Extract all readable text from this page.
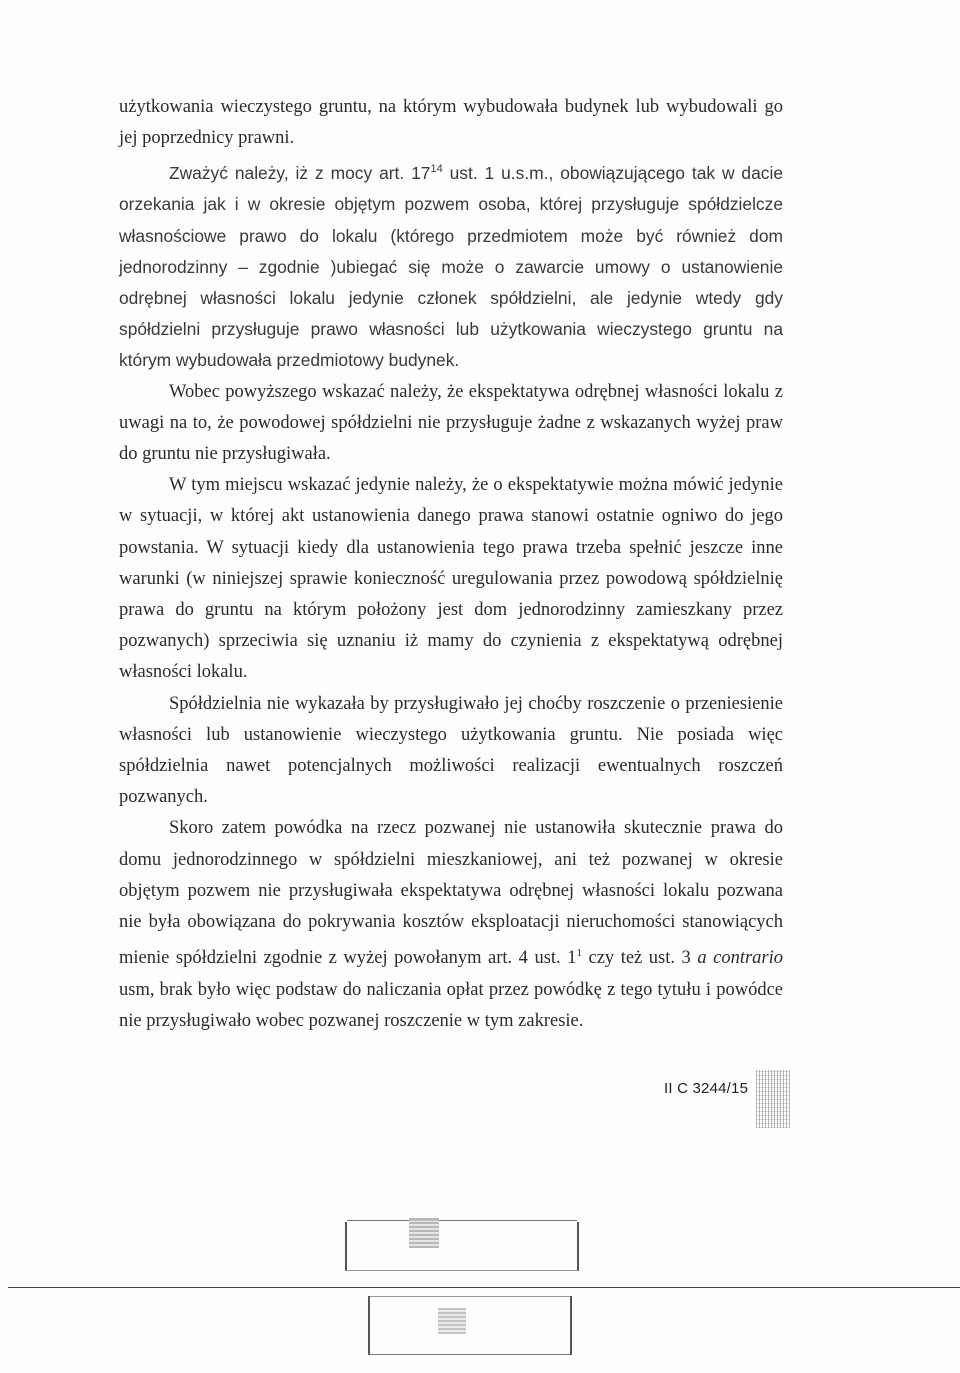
użytkowania wieczystego gruntu, na którym wybudowała budynek lub wybudowali go jej poprzednicy prawni.

Zważyć należy, iż z mocy art. $17^{14}$ ust. 1 u.s.m., obowiązującego tak w dacie orzekania jak i w okresie objętym pozwem osoba, której przysługuje spółdzielcze własnościowe prawo do lokalu (którego przedmiotem może być również dom jednorodzinny – zgodnie )ubiegać się może o zawarcie umowy o ustanowienie odrębnej własności lokalu jedynie członek spółdzielni, ale jedynie wtedy gdy spółdzielni przysługuje prawo własności lub użytkowania wieczystego gruntu na którym wybudowała przedmiotowy budynek.

Wobec powyższego wskazać należy, że ekspektatywa odrębnej własności lokalu z uwagi na to, że powodowej spółdzielni nie przysługuje żadne z wskazanych wyżej praw do gruntu nie przysługiwała.

W tym miejscu wskazać jedynie należy, że o ekspektatywie można mówić jedynie w sytuacji, w której akt ustanowienia danego prawa stanowi ostatnie ogniwo do jego powstania. W sytuacji kiedy dla ustanowienia tego prawa trzeba spełnić jeszcze inne warunki (w niniejszej sprawie konieczność uregulowania przez powodową spółdzielnię prawa do gruntu na którym położony jest dom jednorodzinny zamieszkany przez pozwanych) sprzeciwia się uznaniu iż mamy do czynienia z ekspektatywą odrębnej własności lokalu.

Spółdzielnia nie wykazała by przysługiwało jej choćby roszczenie o przeniesienie własności lub ustanowienie wieczystego użytkowania gruntu. Nie posiada więc spółdzielnia nawet potencjalnych możliwości realizacji ewentualnych roszczeń pozwanych.

Skoro zatem powódka na rzecz pozwanej nie ustanowiła skutecznie prawa do domu jednorodzinnego w spółdzielni mieszkaniowej, ani też pozwanej w okresie objętym pozwem nie przysługiwała ekspektatywa odrębnej własności lokalu pozwana nie była obowiązana do pokrywania kosztów eksploatacji nieruchomości stanowiących mienie spółdzielni zgodnie z wyżej powołanym art. 4 ust. $1^1$ czy też ust. 3 a contrario usm, brak było więc podstaw do naliczania opłat przez powódkę z tego tytułu i powódce nie przysługiwało wobec pozwanej roszczenie w tym zakresie.

II C 3244/15
